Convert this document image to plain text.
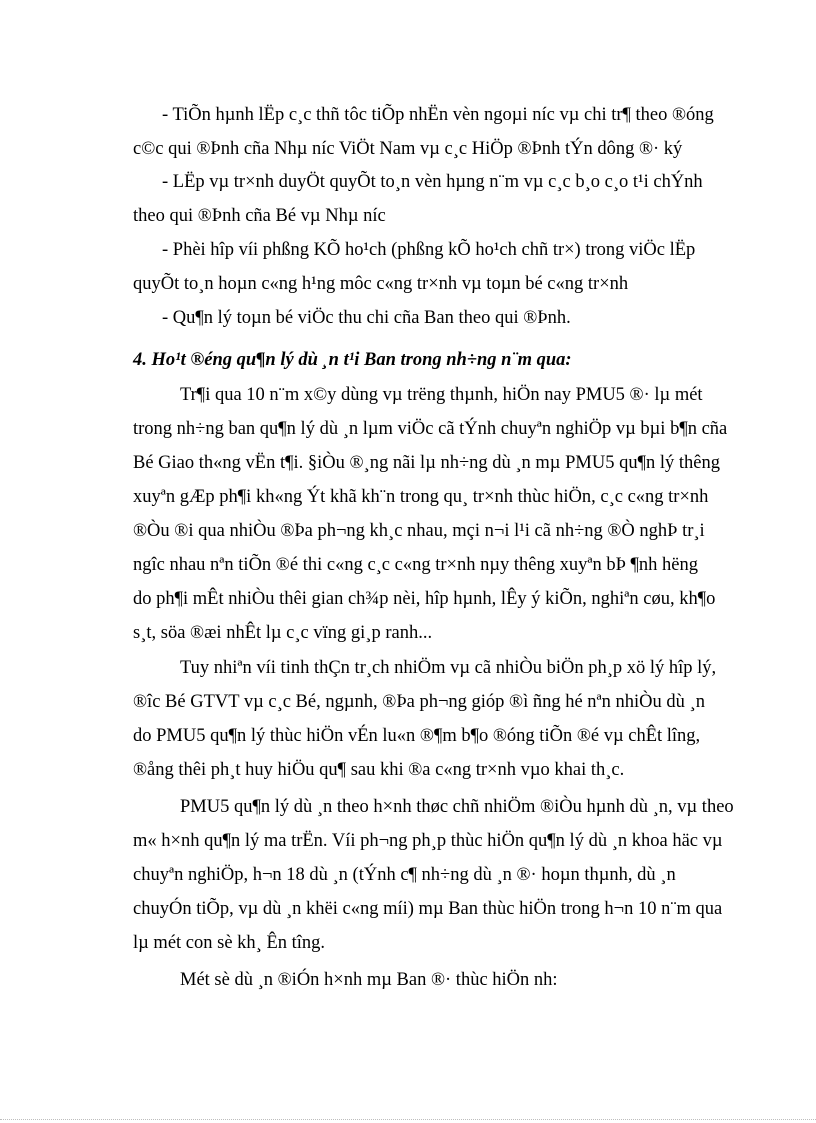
- TiÕn hµnh lËp c¸c thñ tôc tiÕp nhËn vèn ngoµi níc vµ chi tr¶ theo ®óng
c©c qui ®Þnh cña Nhµ níc ViÖt Nam vµ c¸c HiÖp ®Þnh tÝn dông ®· ký
- LËp vµ tr×nh duyÖt quyÕt to¸n vèn hµng n¨m vµ c¸c b¸o c¸o t¹i chÝnh
theo qui ®Þnh cña Bé vµ Nhµ níc
- Phèi hîp víi phßng KÕ ho¹ch (phßng kÕ ho¹ch chñ tr×) trong viÖc lËp
quyÕt to¸n hoµn c«ng h¹ng môc c«ng tr×nh vµ toµn bé c«ng tr×nh
- Qu¶n lý toµn bé viÖc thu chi cña Ban theo qui ®Þnh.
4. Ho¹t ®éng qu¶n lý dù ¸n t¹i Ban trong nh÷ng n¨m qua:
Tr¶i qua 10 n¨m x©y dùng vµ trëng thµnh, hiÖn nay PMU5 ®· lµ mét
trong nh÷ng ban qu¶n lý dù ¸n lµm viÖc cã tÝnh chuyªn nghiÖp vµ bµi b¶n cña
Bé Giao th«ng vËn t¶i. §iÒu ®¸ng nãi lµ nh÷ng dù ¸n mµ PMU5 qu¶n lý thêng
xuyªn gÆp ph¶i kh«ng Ýt khã kh¨n trong qu¸ tr×nh thùc hiÖn, c¸c c«ng tr×nh
®Òu ®i qua nhiÒu ®Þa ph¬ng kh¸c nhau, mçi n¬i l¹i cã nh÷ng ®Ò nghÞ tr¸i
ngîc nhau nªn tiÕn ®é thi c«ng c¸c c«ng tr×nh nµy thêng xuyªn bÞ ¶nh hëng
do ph¶i mÊt nhiÒu thêi gian ch¾p nèi, hîp hµnh, lÊy ý kiÕn, nghiªn cøu, kh¶o
s¸t, söa ®æi nhÊt lµ c¸c vïng gi¸p ranh...
Tuy nhiªn víi tinh thÇn tr¸ch nhiÖm vµ cã nhiÒu biÖn ph¸p xö lý hîp lý,
®îc Bé GTVT vµ c¸c Bé, ngµnh, ®Þa ph¬ng gióp ®ì ñng hé nªn nhiÒu dù ¸n
do PMU5 qu¶n lý thùc hiÖn vÉn lu«n ®¶m b¶o ®óng tiÕn ®é vµ chÊt lîng,
®ång thêi ph¸t huy hiÖu qu¶ sau khi ®a c«ng tr×nh vµo khai th¸c.
PMU5 qu¶n lý dù ¸n theo h×nh thøc chñ nhiÖm ®iÒu hµnh dù ¸n, vµ theo
m« h×nh qu¶n lý ma trËn. Víi ph¬ng ph¸p thùc hiÖn qu¶n lý dù ¸n khoa häc vµ
chuyªn nghiÖp, h¬n 18 dù ¸n (tÝnh c¶ nh÷ng dù ¸n ®· hoµn thµnh, dù ¸n
chuyÓn tiÕp, vµ dù ¸n khëi c«ng míi) mµ Ban thùc hiÖn trong h¬n 10 n¨m qua
lµ mét con sè kh¸ Ên tîng.
Mét sè dù ¸n ®iÓn h×nh mµ Ban ®· thùc hiÖn nh:
